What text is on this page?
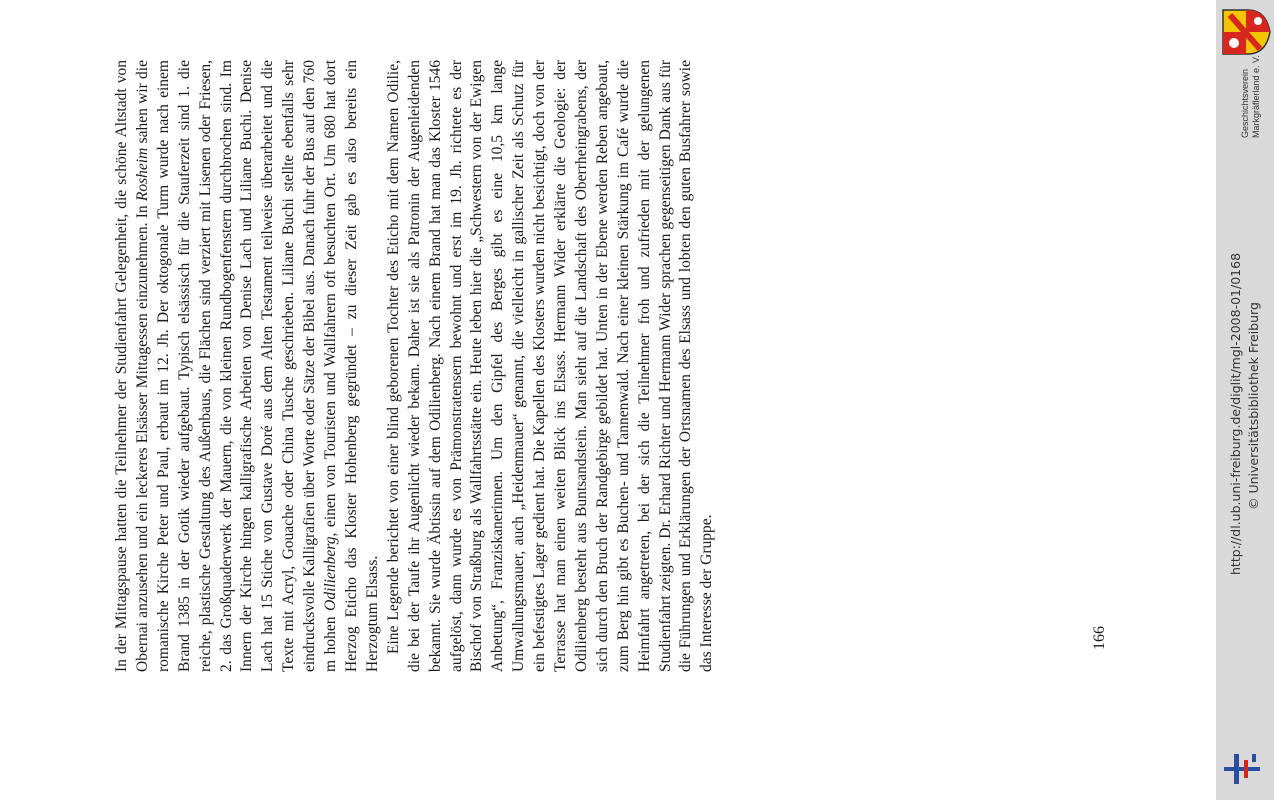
In der Mittagspause hatten die Teilnehmer der Studienfahrt Gelegenheit, die schöne Altstadt von Obernai anzusehen und ein leckeres Elsässer Mittagessen einzunehmen. In Rosheim sahen wir die romanische Kirche Peter und Paul, erbaut im 12. Jh. Der oktogonale Turm wurde nach einem Brand 1385 in der Gotik wieder aufgebaut. Typisch elsässisch für die Stauferzeit sind 1. die reiche, plastische Gestaltung des Außenbaus, die Flächen sind verziert mit Lisenen oder Friesen, 2. das Großquaderwerk der Mauern, die von kleinen Rundbogenfenstern durchbrochen sind. Im Innern der Kirche hingen kalligrafische Arbeiten von Denise Lach und Liliane Buchi. Denise Lach hat 15 Stiche von Gustave Doré aus dem Alten Testament teilweise überarbeitet und die Texte mit Acryl, Gouache oder China Tusche geschrieben. Liliane Buchi stellte ebenfalls sehr eindrucksvolle Kalligrafien über Worte oder Sätze der Bibel aus. Danach fuhr der Bus auf den 760 m hohen Odilienberg, einen von Touristen und Wallfahrern oft besuchten Ort. Um 680 hat dort Herzog Eticho das Kloster Hohenberg gegründet – zu dieser Zeit gab es also bereits ein Herzogtum Elsass. Eine Legende berichtet von einer blind geborenen Tochter des Eticho mit dem Namen Odilie, die bei der Taufe ihr Augenlicht wieder bekam. Daher ist sie als Patronin der Augenleidenden bekannt. Sie wurde Äbtissin auf dem Odilienberg. Nach einem Brand hat man das Kloster 1546 aufgelöst, dann wurde es von Prämonstratensern bewohnt und erst im 19. Jh. richtete es der Bischof von Straßburg als Wallfahrtsstätte ein. Heute leben hier die „Schwestern von der Ewigen Anbetung“, Franziskanerinnen. Um den Gipfel des Berges gibt es eine 10,5 km lange Umwallungsmauer, auch „Heidenmauer“ genannt, die vielleicht in gallischer Zeit als Schutz für ein befestigtes Lager gedient hat. Die Kapellen des Klosters wurden nicht besichtigt, doch von der Terrasse hat man einen weiten Blick ins Elsass. Hermann Wider erklärte die Geologie: der Odilienberg besteht aus Buntsandstein. Man sieht auf die Landschaft des Oberrheingrabens, der sich durch den Bruch der Randgebirge gebildet hat. Unten in der Ebene werden Reben angebaut, zum Berg hin gibt es Buchen- und Tannenwald. Nach einer kleinen Stärkung im Café wurde die Heimfahrt angetreten, bei der sich die Teilnehmer froh und zufrieden mit der gelungenen Studienfahrt zeigten. Dr. Erhard Richter und Hermann Wider sprachen gegenseitigen Dank aus für die Führungen und Erklärungen der Ortsnamen des Elsass und lobten den guten Busfahrer sowie das Interesse der Gruppe.	166
http://dl.ub.uni-freiburg.de/diglit/mgl-2008-01/0168 © Universitätsbibliothek Freiburg
Geschichtsverein Markgräflerland e. V.
